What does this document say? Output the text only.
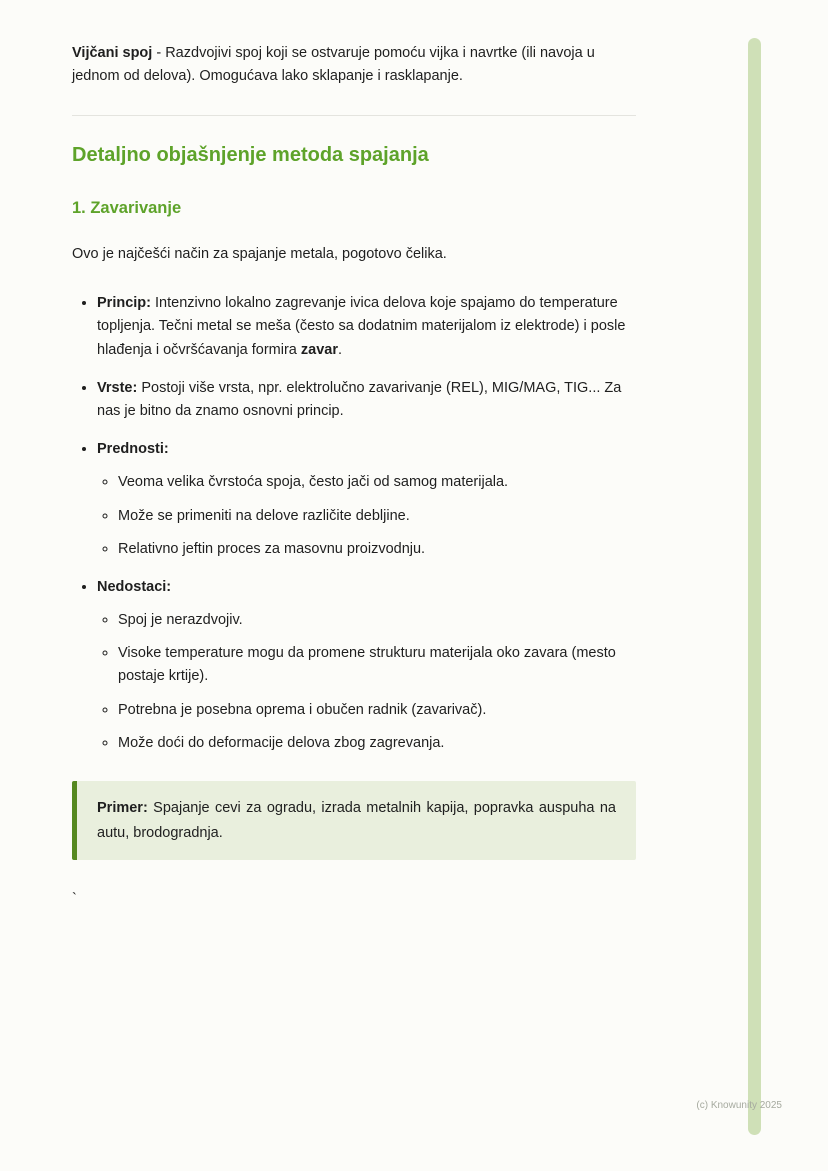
Vijčani spoj - Razdvojivi spoj koji se ostvaruje pomoću vijka i navrtke (ili navoja u jednom od delova). Omogućava lako sklapanje i rasklapanje.

Detaljno objašnjenje metoda spajanja
1. Zavarivanje

Ovo je najčešći način za spajanje metala, pogotovo čelika.

• Princip: Intenzivno lokalno zagrevanje ivica delova koje spajamo do temperature topljenja. Tečni metal se meša (često sa dodatnim materijalom iz elektrode) i posle hlađenja i očvršćavanja formira zavar.
• Vrste: Postoji više vrsta, npr. elektrolučno zavarivanje (REL), MIG/MAG, TIG... Za nas je bitno da znamo osnovni princip.
• Prednosti:
◦ Veoma velika čvrstoća spoja, često jači od samog materijala.
◦ Može se primeniti na delove različite debljine.
◦ Relativno jeftin proces za masovnu proizvodnju.
• Nedostaci:
◦ Spoj je nerazdvojiv.
◦ Visoke temperature mogu da promene strukturu materijala oko zavara (mesto postaje krtije).
◦ Potrebna je posebna oprema i obučen radnik (zavarivač).
◦ Može doći do deformacije delova zbog zagrevanja.

Primer: Spajanje cevi za ogradu, izrada metalnih kapija, popravka auspuha na autu, brodogradnja.

`

(c) Knowunity 2025
